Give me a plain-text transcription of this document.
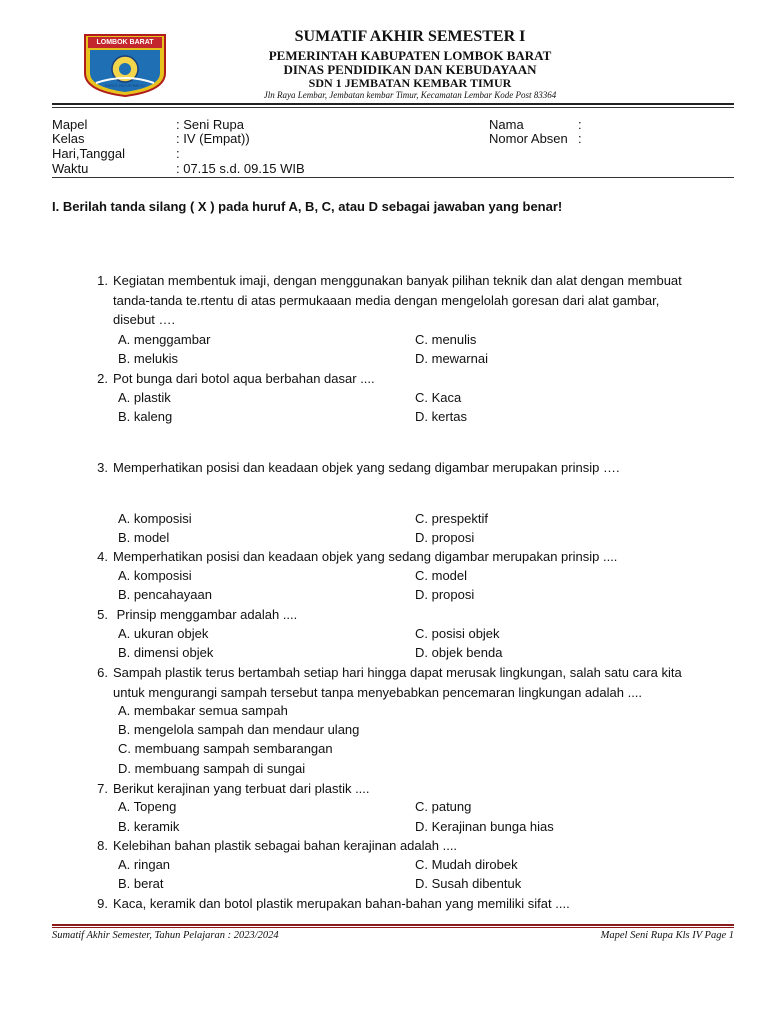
LOMBOK BARAT
PATUT PATUH PATJU
SUMATIF AKHIR SEMESTER I
PEMERINTAH KABUPATEN LOMBOK BARAT
DINAS PENDIDIKAN DAN KEBUDAYAAN
SDN 1 JEMBATAN KEMBAR TIMUR
Jln Raya Lembar, Jembatan kembar Timur, Kecamatan Lembar Kode Post 83364
Mapel	: Seni Rupa
Kelas	: IV (Empat))
Hari,Tanggal	:
Waktu	: 07.15 s.d. 09.15 WIB
Nama	:
Nomor Absen :
I. Berilah tanda silang ( X ) pada huruf A, B, C, atau D sebagai jawaban yang benar!
1. Kegiatan membentuk imaji, dengan menggunakan banyak pilihan teknik dan alat dengan membuat
tanda-tanda te.rtentu di atas permukaaan media dengan mengelolah goresan dari alat gambar,
disebut ….
A. menggambar	C. menulis
B. melukis	D. mewarnai
2. Pot bunga dari botol aqua berbahan dasar ....
A. plastik	C. Kaca
B. kaleng	D. kertas
3. Memperhatikan posisi dan keadaan objek yang sedang digambar merupakan prinsip ….
A. komposisi	C. prespektif
B. model	D. proposi
4. Memperhatikan posisi dan keadaan objek yang sedang digambar merupakan prinsip ....
A. komposisi	C. model
B. pencahayaan	D. proposi
5. Prinsip menggambar adalah ....
A. ukuran objek	C. posisi objek
B. dimensi objek	D. objek benda
6. Sampah plastik terus bertambah setiap hari hingga dapat merusak lingkungan, salah satu cara kita
untuk mengurangi sampah tersebut tanpa menyebabkan pencemaran lingkungan adalah ....
A. membakar semua sampah
B. mengelola sampah dan mendaur ulang
C. membuang sampah sembarangan
D. membuang sampah di sungai
7. Berikut kerajinan yang terbuat dari plastik ....
A. Topeng	C. patung
B. keramik	D. Kerajinan bunga hias
8. Kelebihan bahan plastik sebagai bahan kerajinan adalah ....
A. ringan	C. Mudah dirobek
B. berat	D. Susah dibentuk
9. Kaca, keramik dan botol plastik merupakan bahan-bahan yang memiliki sifat ....
Sumatif Akhir Semester, Tahun Pelajaran : 2023/2024	Mapel Seni Rupa Kls IV Page 1
